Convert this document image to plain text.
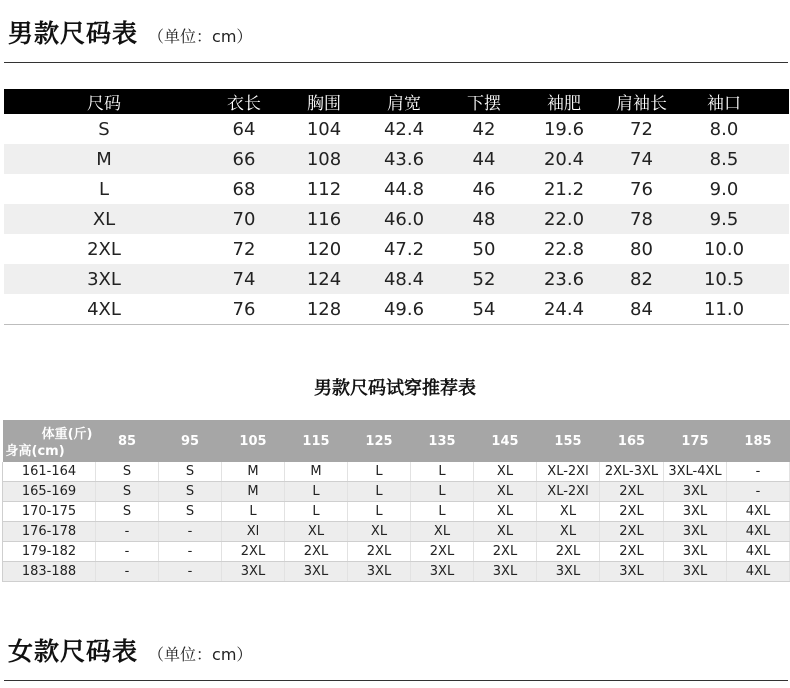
男款尺码表 （单位：cm）
尺码	衣长	胸围	肩宽	下摆	袖肥	肩袖长	袖口	
S	64	104	42.4	42	19.6	72	8.0	
M	66	108	43.6	44	20.4	74	8.5	
L	68	112	44.8	46	21.2	76	9.0	
XL	70	116	46.0	48	22.0	78	9.5	
2XL	72	120	47.2	50	22.8	80	10.0	
3XL	74	124	48.4	52	23.6	82	10.5	
4XL	76	128	49.6	54	24.4	84	11.0	
男款尺码试穿推荐表
体重(斤)
身高(cm)	85	95	105	115	125	135	145	155	165	175	185
161-164	S	S	M	M	L	L	XL	XL-2Xl	2XL-3XL	3XL-4XL	-
165-169	S	S	M	L	L	L	XL	XL-2Xl	2XL	3XL	-
170-175	S	S	L	L	L	L	XL	XL	2XL	3XL	4XL
176-178	-	-	Xl	XL	XL	XL	XL	XL	2XL	3XL	4XL
179-182	-	-	2XL	2XL	2XL	2XL	2XL	2XL	2XL	3XL	4XL
183-188	-	-	3XL	3XL	3XL	3XL	3XL	3XL	3XL	3XL	4XL
女款尺码表 （单位：cm）
